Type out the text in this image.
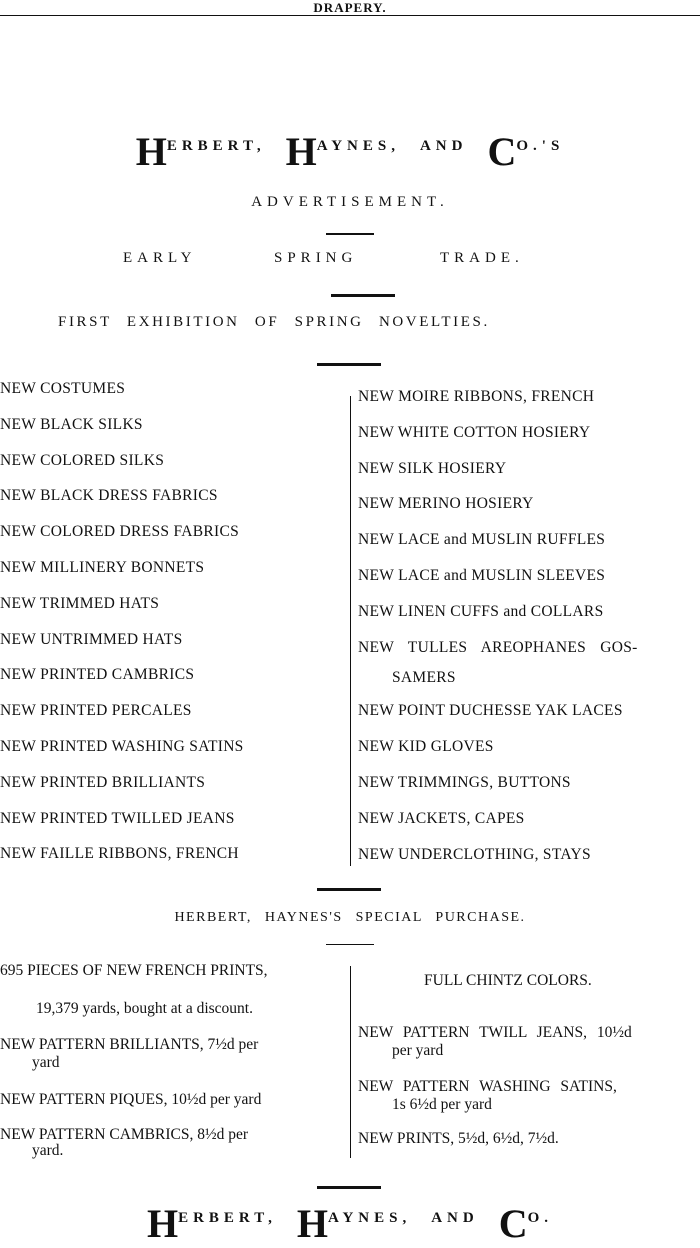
DRAPERY.
HERBERT, HAYNES, AND CO.'S
ADVERTISEMENT.
EARLY	SPRING	TRADE.
FIRST EXHIBITION OF SPRING NOVELTIES.
NEW COSTUMES
NEW BLACK SILKS
NEW COLORED SILKS
NEW BLACK DRESS FABRICS
NEW COLORED DRESS FABRICS
NEW MILLINERY BONNETS
NEW TRIMMED HATS
NEW UNTRIMMED HATS
NEW PRINTED CAMBRICS
NEW PRINTED PERCALES
NEW PRINTED WASHING SATINS
NEW PRINTED BRILLIANTS
NEW PRINTED TWILLED JEANS
NEW FAILLE RIBBONS, FRENCH
NEW MOIRE RIBBONS, FRENCH
NEW WHITE COTTON HOSIERY
NEW SILK HOSIERY
NEW MERINO HOSIERY
NEW LACE and MUSLIN RUFFLES
NEW LACE and MUSLIN SLEEVES
NEW LINEN CUFFS and COLLARS
NEW TULLES AREOPHANES GOS-
SAMERS
NEW POINT DUCHESSE YAK LACES
NEW KID GLOVES
NEW TRIMMINGS, BUTTONS
NEW JACKETS, CAPES
NEW UNDERCLOTHING, STAYS
HERBERT, HAYNES'S SPECIAL PURCHASE.
695 PIECES OF NEW FRENCH PRINTS,
19,379 yards, bought at a discount.
NEW PATTERN BRILLIANTS, 7½d per
yard
NEW PATTERN PIQUES, 10½d per yard
NEW PATTERN CAMBRICS, 8½d per
yard.
FULL CHINTZ COLORS.
NEW PATTERN TWILL JEANS, 10½d
per yard
NEW PATTERN WASHING SATINS,
1s 6½d per yard
NEW PRINTS, 5½d, 6½d, 7½d.
HERBERT, HAYNES, AND CO.
